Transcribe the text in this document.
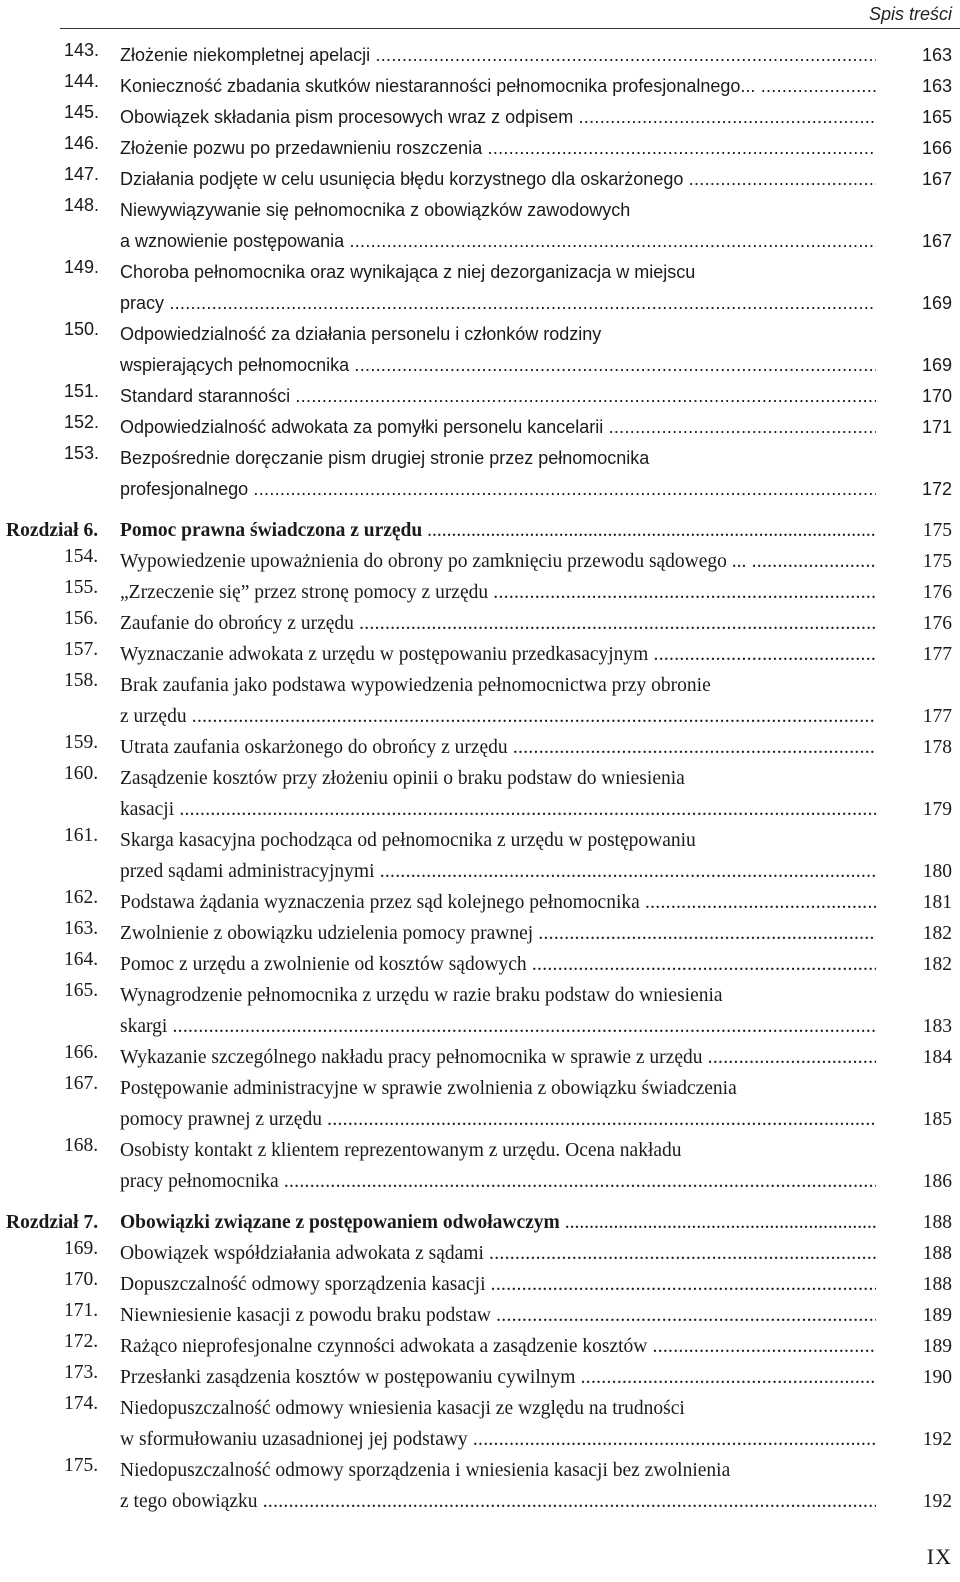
Spis treści
143. Złożenie niekompletnej apelacji .....	163
144. Konieczność zbadania skutków niestaranności pełnomocnika profesjonalnego... .....	163
145. Obowiązek składania pism procesowych wraz z odpisem .....	165
146. Złożenie pozwu po przedawnieniu roszczenia .....	166
147. Działania podjęte w celu usunięcia błędu korzystnego dla oskarżonego .....	167
148. Niewywiązywanie się pełnomocnika z obowiązków zawodowych
a wznowienie postępowania .....	167
149. Choroba pełnomocnika oraz wynikająca z niej dezorganizacja w miejscu
pracy .....	169
150. Odpowiedzialność za działania personelu i członków rodziny
wspierających pełnomocnika .....	169
151. Standard staranności .....	170
152. Odpowiedzialność adwokata za pomyłki personelu kancelarii .....	171
153. Bezpośrednie doręczanie pism drugiej stronie przez pełnomocnika
profesjonalnego .....	172
Rozdział 6. Pomoc prawna świadczona z urzędu .....	175
154.	Wypowiedzenie upoważnienia do obrony po zamknięciu przewodu sądowego ... .....	175
155.	„Zrzeczenie się” przez stronę pomocy z urzędu .....	176
156.	Zaufanie do obrońcy z urzędu .....	176
157.	Wyznaczanie adwokata z urzędu w postępowaniu przedkasacyjnym .....	177
158.	Brak zaufania jako podstawa wypowiedzenia pełnomocnictwa przy obronie
z urzędu .....	177
159.	Utrata zaufania oskarżonego do obrońcy z urzędu .....	178
160.	Zasądzenie kosztów przy złożeniu opinii o braku podstaw do wniesienia
kasacji .....	179
161.	Skarga kasacyjna pochodząca od pełnomocnika z urzędu w postępowaniu
przed sądami administracyjnymi .....	180
162.	Podstawa żądania wyznaczenia przez sąd kolejnego pełnomocnika .....	181
163.	Zwolnienie z obowiązku udzielenia pomocy prawnej .....	182
164.	Pomoc z urzędu a zwolnienie od kosztów sądowych .....	182
165.	Wynagrodzenie pełnomocnika z urzędu w razie braku podstaw do wniesienia
skargi .....	183
166.	Wykazanie szczególnego nakładu pracy pełnomocnika w sprawie z urzędu .....	184
167.	Postępowanie administracyjne w sprawie zwolnienia z obowiązku świadczenia
pomocy prawnej z urzędu .....	185
168.	Osobisty kontakt z klientem reprezentowanym z urzędu. Ocena nakładu
pracy pełnomocnika .....	186
Rozdział 7. Obowiązki związane z postępowaniem odwoławczym .....	188
169.	Obowiązek współdziałania adwokata z sądami .....	188
170.	Dopuszczalność odmowy sporządzenia kasacji .....	188
171.	Niewniesienie kasacji z powodu braku podstaw .....	189
172.	Rażąco nieprofesjonalne czynności adwokata a zasądzenie kosztów .....	189
173.	Przesłanki zasądzenia kosztów w postępowaniu cywilnym .....	190
174.	Niedopuszczalność odmowy wniesienia kasacji ze względu na trudności
w sformułowaniu uzasadnionej jej podstawy .....	192
175.	Niedopuszczalność odmowy sporządzenia i wniesienia kasacji bez zwolnienia
z tego obowiązku .....	192
IX
